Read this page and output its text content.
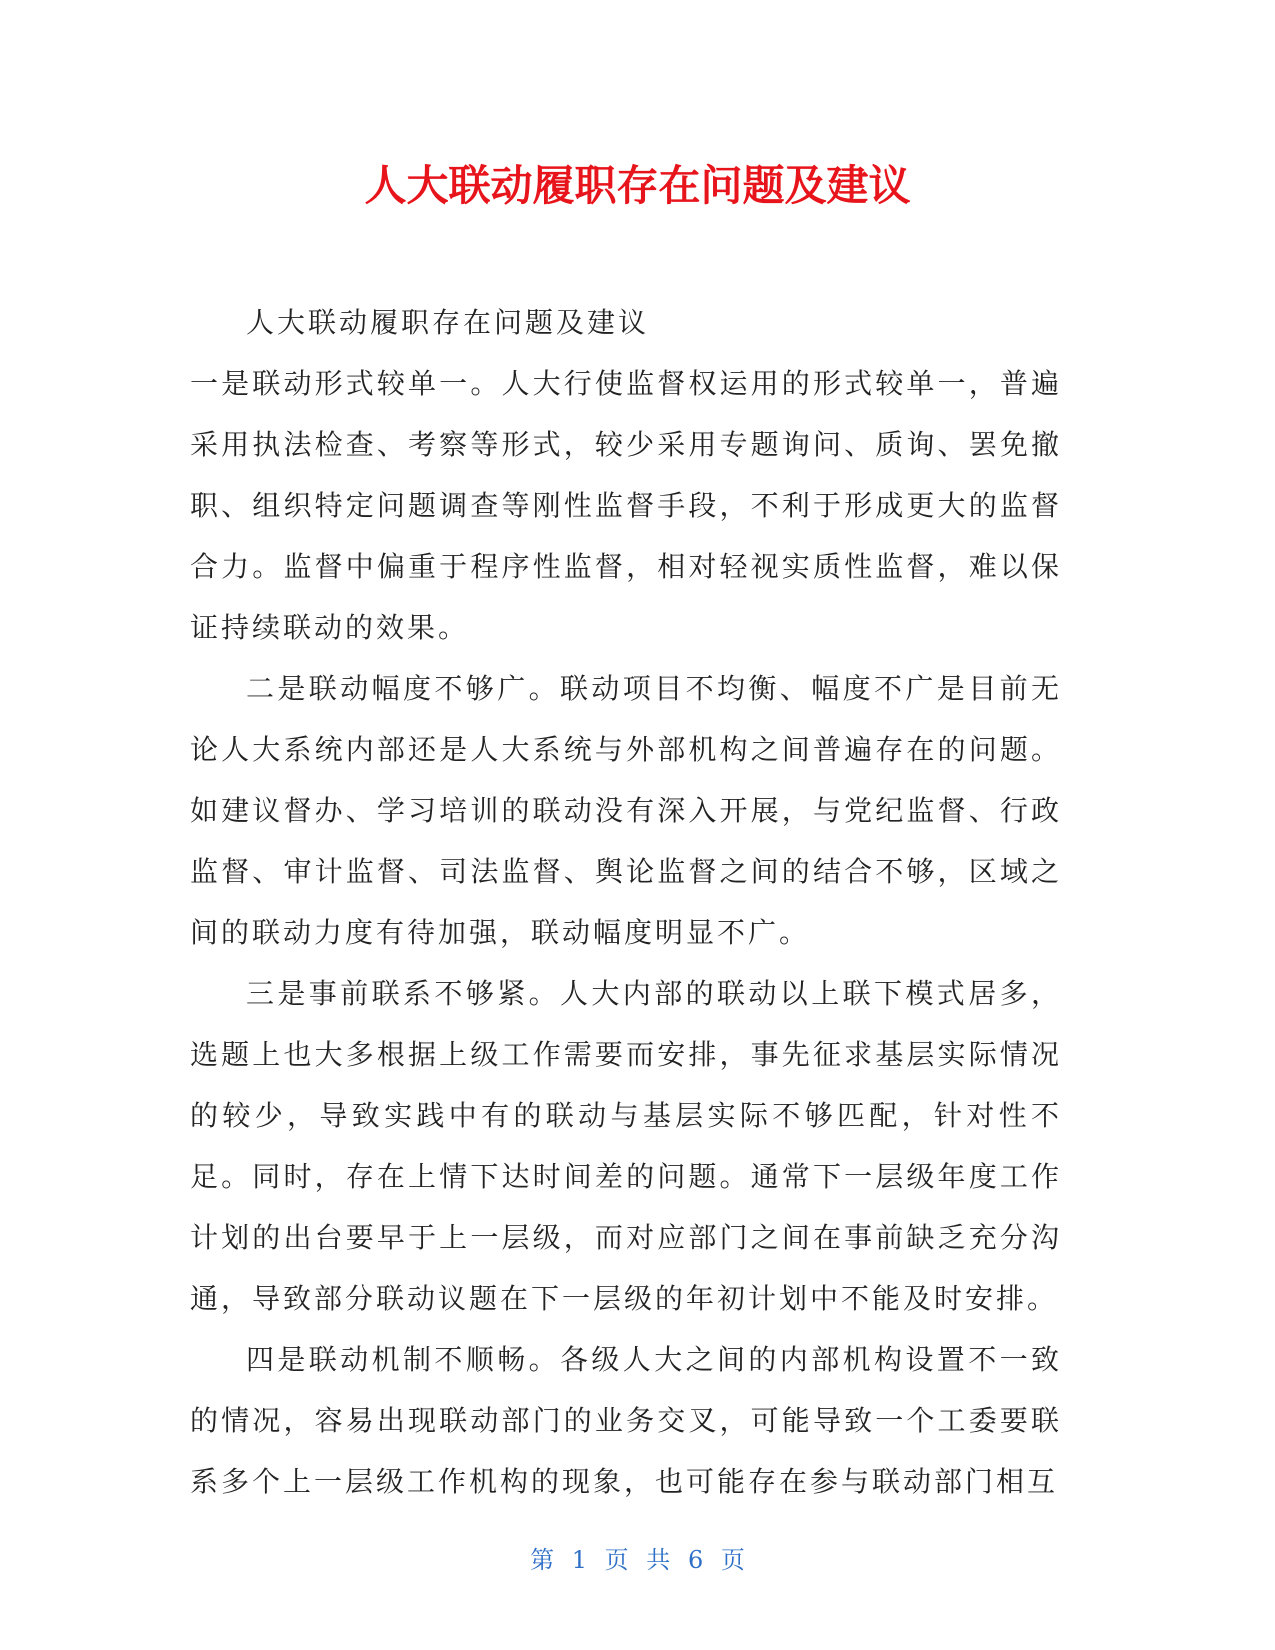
人大联动履职存在问题及建议

人大联动履职存在问题及建议

一是联动形式较单一。人大行使监督权运用的形式较单一，普遍采用执法检查、考察等形式，较少采用专题询问、质询、罢免撤职、组织特定问题调查等刚性监督手段，不利于形成更大的监督合力。监督中偏重于程序性监督，相对轻视实质性监督，难以保证持续联动的效果。

二是联动幅度不够广。联动项目不均衡、幅度不广是目前无论人大系统内部还是人大系统与外部机构之间普遍存在的问题。如建议督办、学习培训的联动没有深入开展，与党纪监督、行政监督、审计监督、司法监督、舆论监督之间的结合不够，区域之间的联动力度有待加强，联动幅度明显不广。

三是事前联系不够紧。人大内部的联动以上联下模式居多，选题上也大多根据上级工作需要而安排，事先征求基层实际情况的较少，导致实践中有的联动与基层实际不够匹配，针对性不足。同时，存在上情下达时间差的问题。通常下一层级年度工作计划的出台要早于上一层级，而对应部门之间在事前缺乏充分沟通，导致部分联动议题在下一层级的年初计划中不能及时安排。

四是联动机制不顺畅。各级人大之间的内部机构设置不一致的情况，容易出现联动部门的业务交叉，可能导致一个工委要联系多个上一层级工作机构的现象，也可能存在参与联动部门相互

第 1 页 共 6 页
